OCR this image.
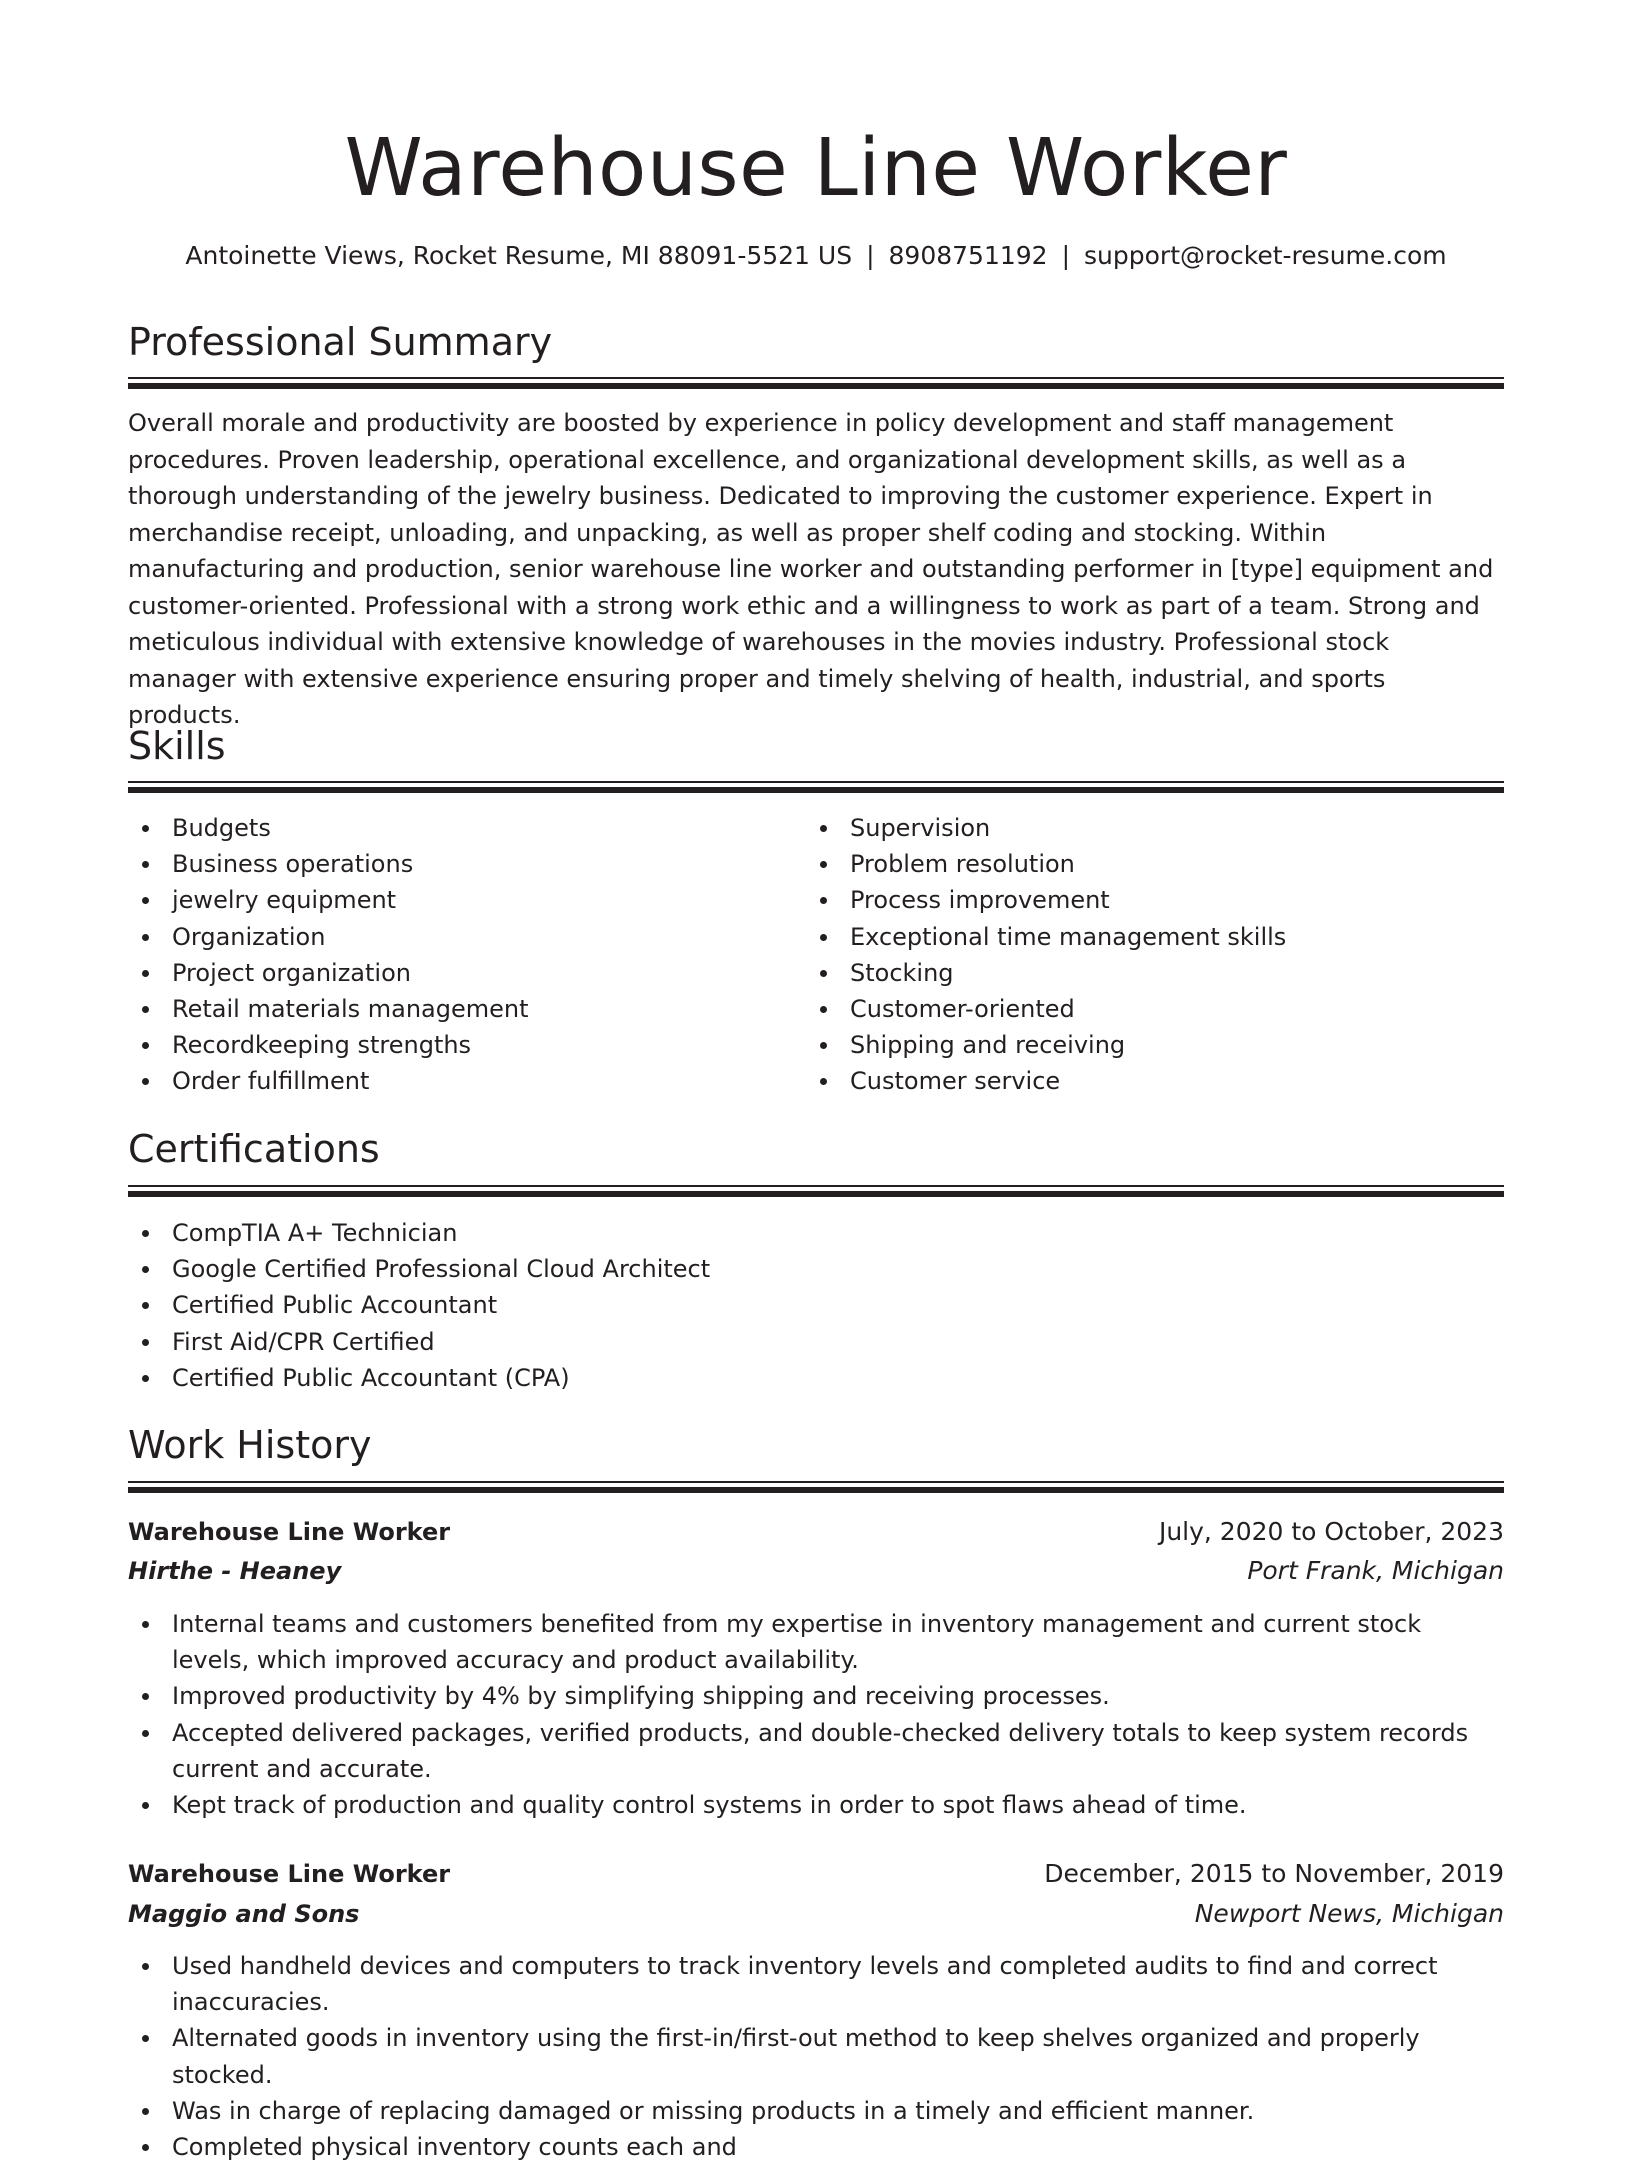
Warehouse Line Worker
Antoinette Views, Rocket Resume, MI 88091-5521 US | 8908751192 | support@rocket-resume.com
Professional Summary

Overall morale and productivity are boosted by experience in policy development and staff management procedures. Proven leadership, operational excellence, and organizational development skills, as well as a thorough understanding of the jewelry business. Dedicated to improving the customer experience. Expert in merchandise receipt, unloading, and unpacking, as well as proper shelf coding and stocking. Within manufacturing and production, senior warehouse line worker and outstanding performer in [type] equipment and customer-oriented. Professional with a strong work ethic and a willingness to work as part of a team. Strong and meticulous individual with extensive knowledge of warehouses in the movies industry. Professional stock manager with extensive experience ensuring proper and timely shelving of health, industrial, and sports products.

Skills
Budgets
Business operations
jewelry equipment
Organization
Project organization
Retail materials management
Recordkeeping strengths
Order fulfillment
Supervision
Problem resolution
Process improvement
Exceptional time management skills
Stocking
Customer-oriented
Shipping and receiving
Customer service
Certifications
CompTIA A+ Technician
Google Certified Professional Cloud Architect
Certified Public Accountant
First Aid/CPR Certified
Certified Public Accountant (CPA)
Work History
Warehouse Line Worker	July, 2020 to October, 2023
Hirthe - Heaney	Port Frank, Michigan
Internal teams and customers benefited from my expertise in inventory management and current stock levels, which improved accuracy and product availability.
Improved productivity by 4% by simplifying shipping and receiving processes.
Accepted delivered packages, verified products, and double-checked delivery totals to keep system records current and accurate.
Kept track of production and quality control systems in order to spot flaws ahead of time.
Warehouse Line Worker	December, 2015 to November, 2019
Maggio and Sons	Newport News, Michigan
Used handheld devices and computers to track inventory levels and completed audits to find and correct inaccuracies.
Alternated goods in inventory using the first-in/first-out method to keep shelves organized and properly stocked.
Was in charge of replacing damaged or missing products in a timely and efficient manner.
Completed physical inventory counts each and
